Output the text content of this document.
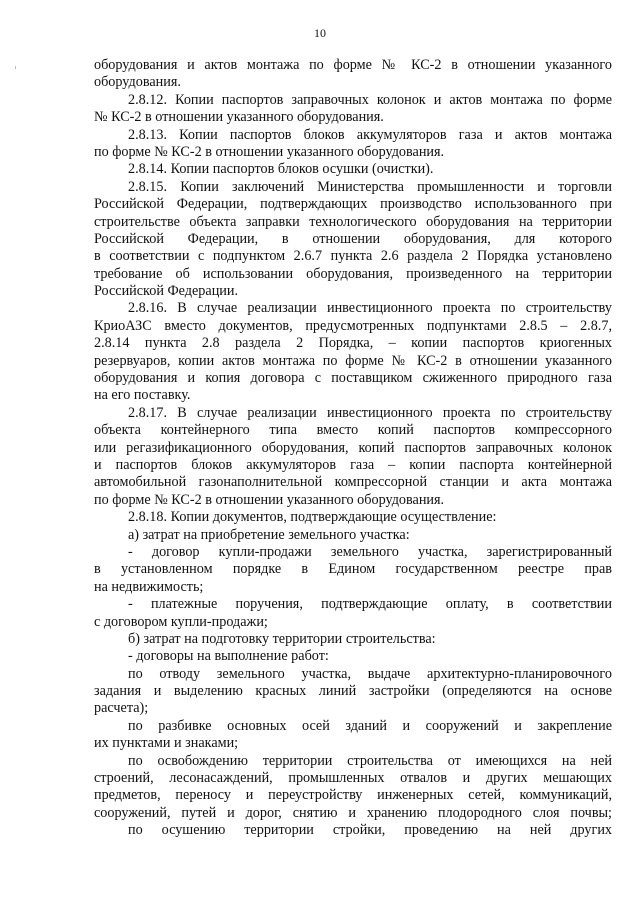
10
оборудования и актов монтажа по форме № КС-2 в отношении указанного
оборудования.
2.8.12. Копии паспортов заправочных колонок и актов монтажа по форме
№ КС-2 в отношении указанного оборудования.
2.8.13. Копии паспортов блоков аккумуляторов газа и актов монтажа
по форме № КС-2 в отношении указанного оборудования.
2.8.14. Копии паспортов блоков осушки (очистки).
2.8.15. Копии заключений Министерства промышленности и торговли
Российской Федерации, подтверждающих производство использованного при
строительстве объекта заправки технологического оборудования на территории
Российской Федерации, в отношении оборудования, для которого
в соответствии с подпунктом 2.6.7 пункта 2.6 раздела 2 Порядка установлено
требование об использовании оборудования, произведенного на территории
Российской Федерации.
2.8.16. В случае реализации инвестиционного проекта по строительству
КриоАЗС вместо документов, предусмотренных подпунктами 2.8.5 – 2.8.7,
2.8.14 пункта 2.8 раздела 2 Порядка, – копии паспортов криогенных
резервуаров, копии актов монтажа по форме № КС-2 в отношении указанного
оборудования и копия договора с поставщиком сжиженного природного газа
на его поставку.
2.8.17. В случае реализации инвестиционного проекта по строительству
объекта контейнерного типа вместо копий паспортов компрессорного
или регазификационного оборудования, копий паспортов заправочных колонок
и паспортов блоков аккумуляторов газа – копии паспорта контейнерной
автомобильной газонаполнительной компрессорной станции и акта монтажа
по форме № КС-2 в отношении указанного оборудования.
2.8.18. Копии документов, подтверждающие осуществление:
а) затрат на приобретение земельного участка:
- договор купли-продажи земельного участка, зарегистрированный
в установленном порядке в Едином государственном реестре прав
на недвижимость;
- платежные поручения, подтверждающие оплату, в соответствии
с договором купли-продажи;
б) затрат на подготовку территории строительства:
- договоры на выполнение работ:
по отводу земельного участка, выдаче архитектурно-планировочного
задания и выделению красных линий застройки (определяются на основе
расчета);
по разбивке основных осей зданий и сооружений и закрепление
их пунктами и знаками;
по освобождению территории строительства от имеющихся на ней
строений, лесонасаждений, промышленных отвалов и других мешающих
предметов, переносу и переустройству инженерных сетей, коммуникаций,
сооружений, путей и дорог, снятию и хранению плодородного слоя почвы;
по осушению территории стройки, проведению на ней других
